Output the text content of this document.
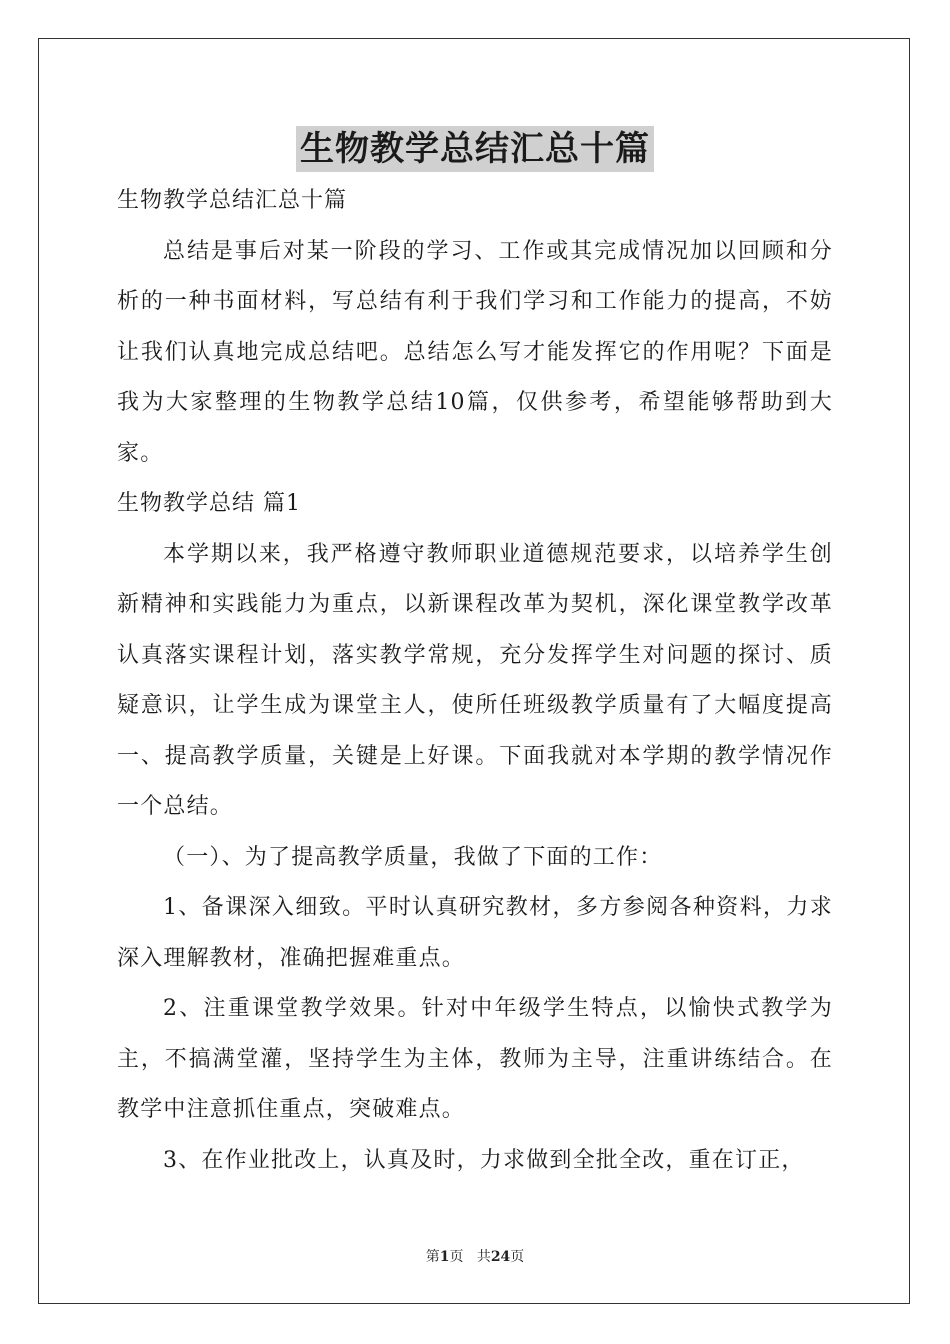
生物教学总结汇总十篇

生物教学总结汇总十篇

总结是事后对某一阶段的学习、工作或其完成情况加以回顾和分析的一种书面材料，写总结有利于我们学习和工作能力的提高，不妨让我们认真地完成总结吧。总结怎么写才能发挥它的作用呢？下面是我为大家整理的生物教学总结10篇，仅供参考，希望能够帮助到大家。

生物教学总结 篇1

本学期以来，我严格遵守教师职业道德规范要求，以培养学生创新精神和实践能力为重点，以新课程改革为契机，深化课堂教学改革认真落实课程计划，落实教学常规，充分发挥学生对问题的探讨、质疑意识，让学生成为课堂主人，使所任班级教学质量有了大幅度提高一、提高教学质量，关键是上好课。下面我就对本学期的教学情况作一个总结。

（一）、为了提高教学质量，我做了下面的工作：

1、备课深入细致。平时认真研究教材，多方参阅各种资料，力求深入理解教材，准确把握难重点。

2、注重课堂教学效果。针对中年级学生特点，以愉快式教学为主，不搞满堂灌，坚持学生为主体，教师为主导，注重讲练结合。在教学中注意抓住重点，突破难点。

3、在作业批改上，认真及时，力求做到全批全改，重在订正，

第1页 共24页
